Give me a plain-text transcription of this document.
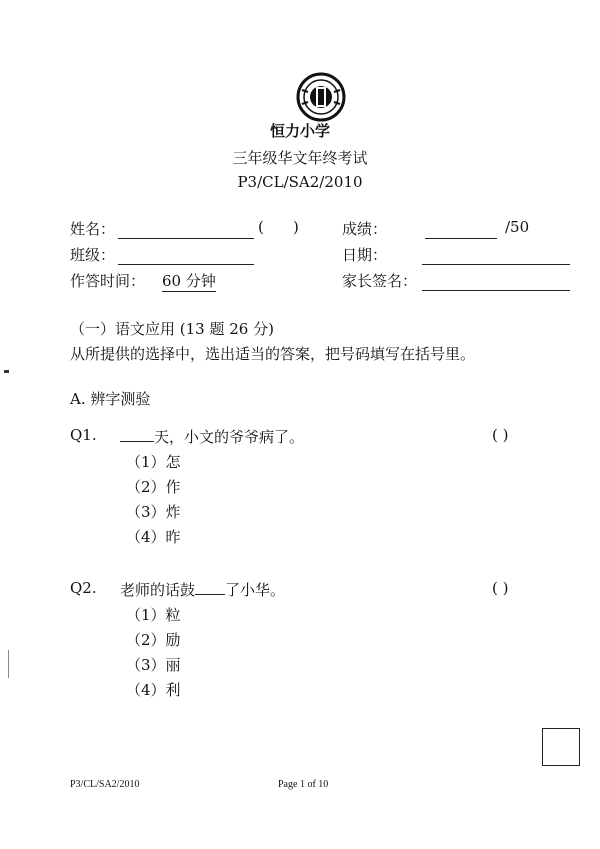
恒力小学
三年级华文年终考试
P3/CL/SA2/2010
姓名：	( )	成绩：	/50
班级：	日期：
作答时间： 60 分钟	家长签名：
（一）语文应用 (13 题 26 分)
从所提供的选择中，选出适当的答案，把号码填写在括号里。
A. 辨字测验
Q1.	天，小文的爷爷病了。	( )
（1）怎
（2）作
（3）炸
（4）昨
Q2. 老师的话鼓 了小华。	( )
（1）粒
（2）励
（3）丽
（4）利
P3/CL/SA2/2010	Page 1 of 10
